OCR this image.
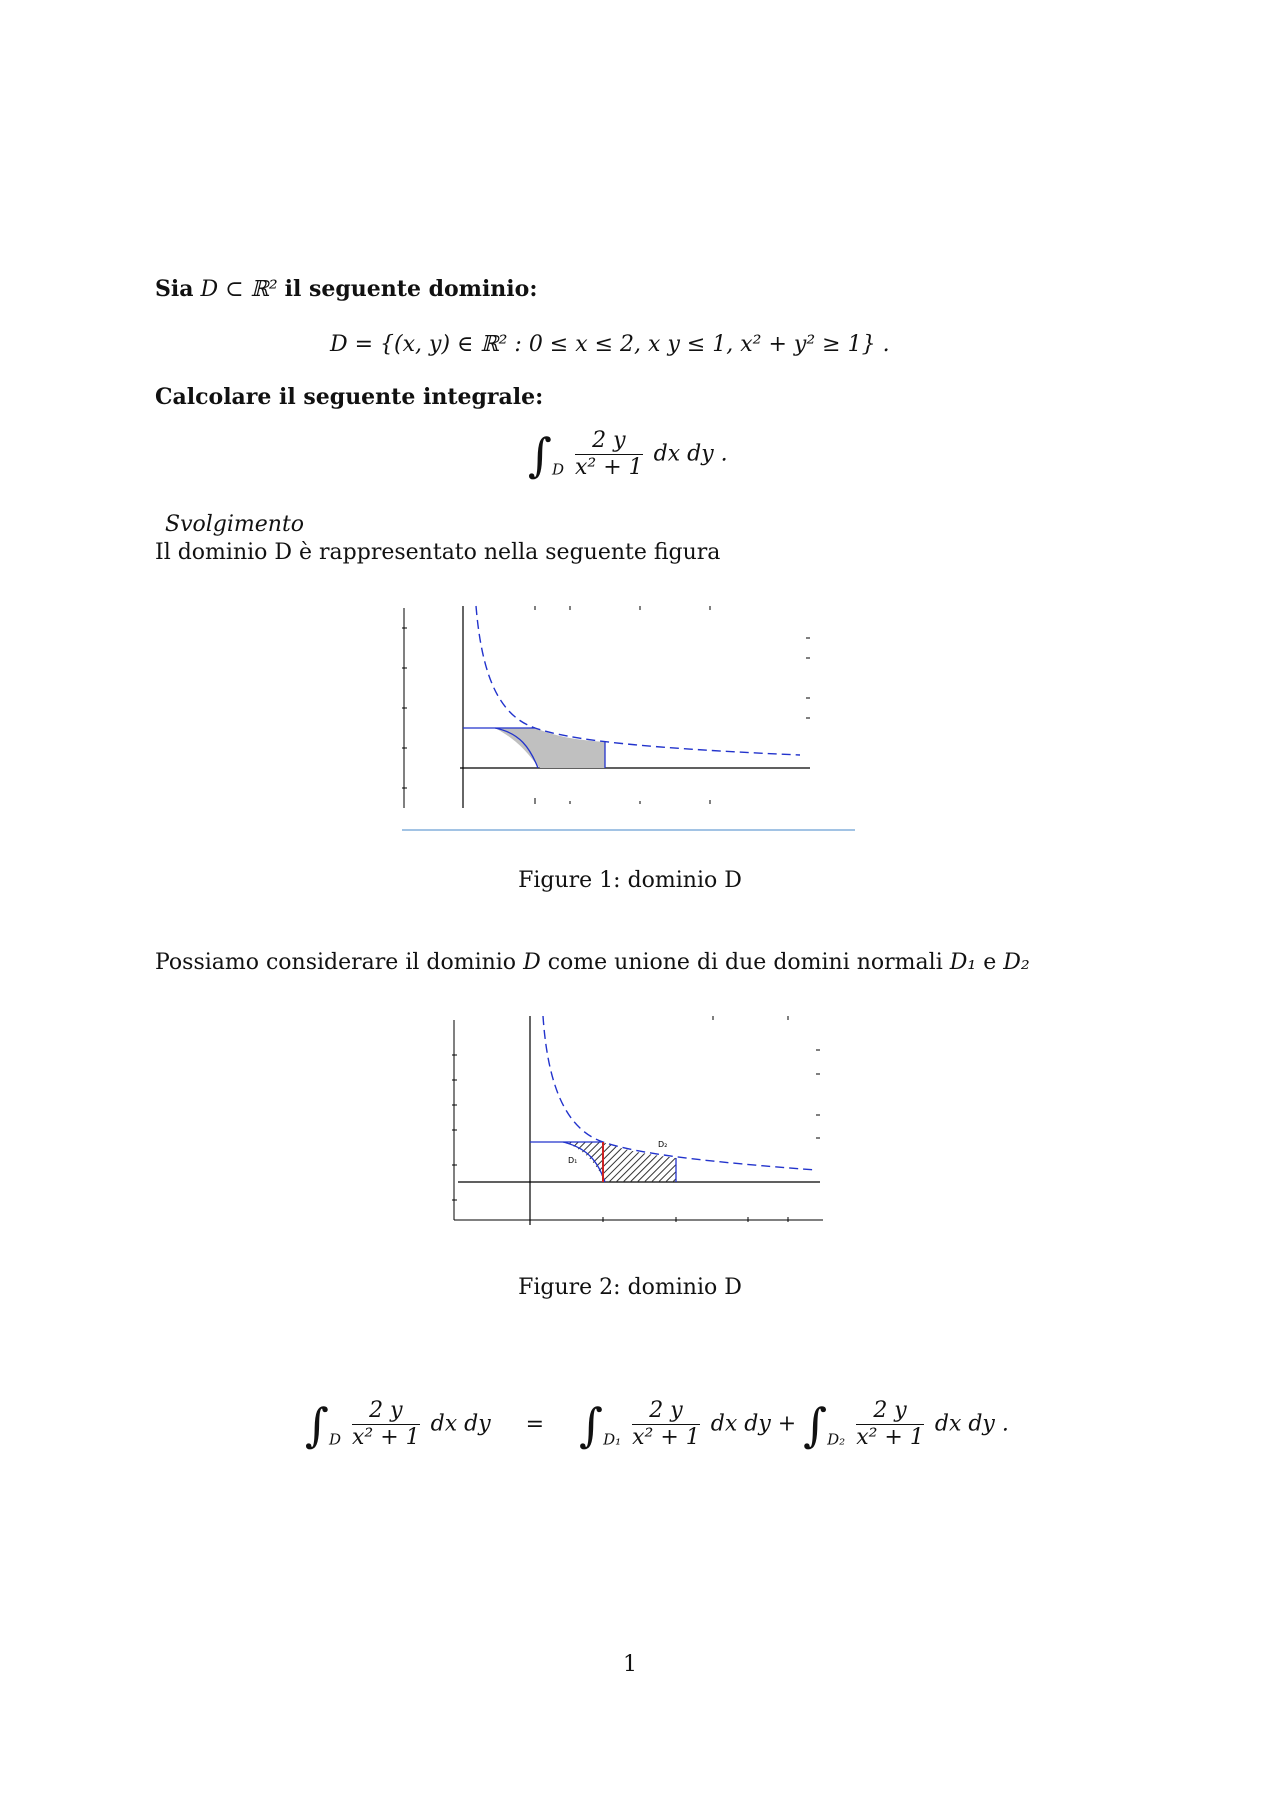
Sia D ⊂ ℝ² il seguente dominio:
D = {(x, y) ∈ ℝ² : 0 ≤ x ≤ 2, x y ≤ 1, x² + y² ≥ 1} .
Calcolare il seguente integrale:
$\int_D \frac{2 y}{\text{x² + 1}}$ dx dy .
Svolgimento
Il dominio D è rappresentato nella seguente figura
Figure 1: dominio D
Possiamo considerare il dominio D come unione di due domini normali D₁ e D₂
D₁
D₂
Figure 2: dominio D
$\int_D \frac{2 y}{\text{x² + 1}}$ dx dy = $\int_{D_1} \frac{2 y}{\text{x² + 1}}$ dx dy + $\int_{D_2} \frac{2 y}{\text{x² + 1}}$ dx dy .
1
